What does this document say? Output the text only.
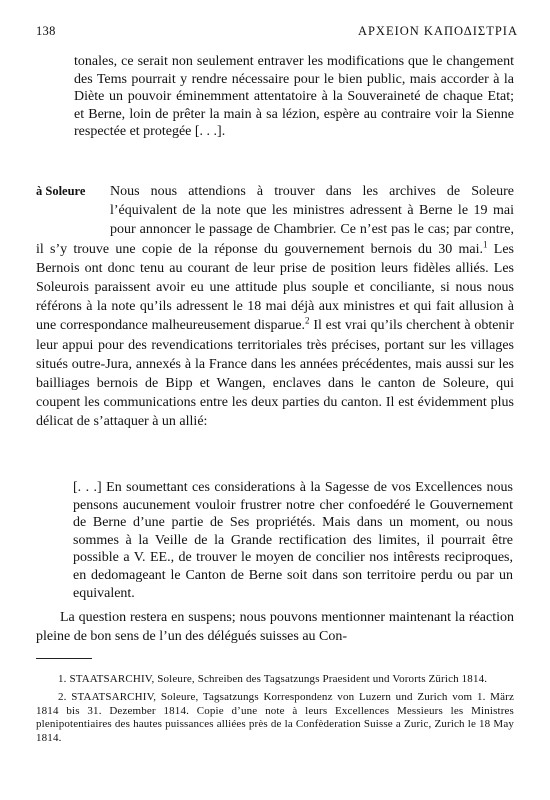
138	ΑΡΧΕΙΟΝ ΚΑΠΟΔΙΣΤΡΙΑ
tonales, ce serait non seulement entraver les modifications que le changement des Tems pourrait y rendre nécessaire pour le bien public, mais accorder à la Diète un pouvoir éminemment attentatoire à la Souveraineté de chaque Etat; et Berne, loin de prêter la main à sa lézion, espère au contraire voir la Sienne respectée et protegée [. . .].

à Soleure	Nous nous attendions à trouver dans les archives de Soleure l’équivalent de la note que les ministres adressent à Berne le 19 mai pour annoncer le passage de Chambrier. Ce n’est pas le cas; par contre, il s’y trouve une copie de la réponse du gouvernement bernois du 30 mai.$^1$ Les Bernois ont donc tenu au courant de leur prise de position leurs fidèles alliés. Les Soleurois paraissent avoir eu une attitude plus souple et conciliante, si nous nous référons à la note qu’ils adressent le 18 mai déjà aux ministres et qui fait allusion à une correspondance malheureusement disparue.$^2$ Il est vrai qu’ils cherchent à obtenir leur appui pour des revendications territoriales très précises, portant sur les villages situés outre-Jura, annexés à la France dans les années précédentes, mais aussi sur les bailliages bernois de Bipp et Wangen, enclaves dans le canton de Soleure, qui coupent les communications entre les deux parties du canton. Il est évidemment plus délicat de s’attaquer à un allié:

[. . .] En soumettant ces considerations à la Sagesse de vos Excellences nous pensons aucunement vouloir frustrer notre cher confoedéré le Gouvernement de Berne d’une partie de Ses propriétés. Mais dans un moment, ou nous sommes à la Veille de la Grande rectification des limites, il pourrait être possible a V. EE., de trouver le moyen de concilier nos intêrests reciproques, en dedomageant le Canton de Berne soit dans son territoire perdu ou par un equivalent.

La question restera en suspens; nous pouvons mentionner maintenant la réaction pleine de bon sens de l’un des délégués suisses au Con-

1. STAATSARCHIV, Soleure, Schreiben des Tagsatzungs Praesident und Vororts Zürich 1814.

2. STAATSARCHIV, Soleure, Tagsatzungs Korrespondenz von Luzern und Zurich vom 1. März 1814 bis 31. Dezember 1814. Copie d’une note à leurs Excellences Messieurs les Ministres plenipotentiaires des hautes puissances alliées près de la Confèderation Suisse a Zuric, Zurich le 18 May 1814.
